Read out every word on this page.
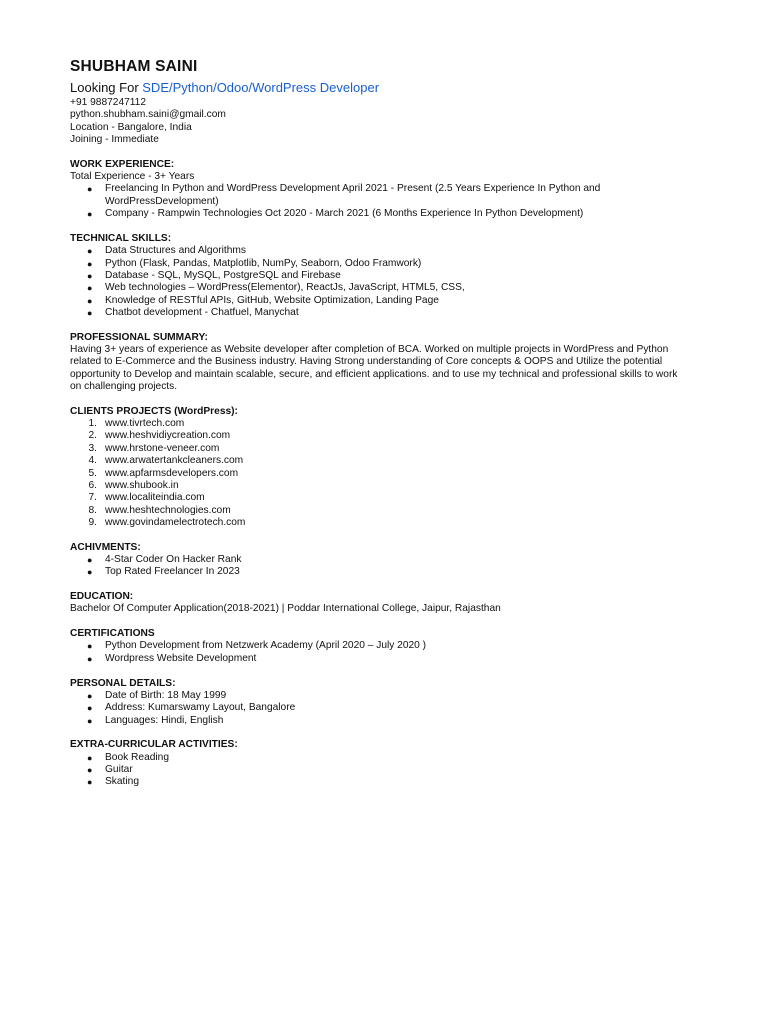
SHUBHAM SAINI

Looking For SDE/Python/Odoo/WordPress Developer

+91 9887247112

python.shubham.saini@gmail.com

Location - Bangalore, India

Joining - Immediate

WORK EXPERIENCE:

Total Experience - 3+ Years

● Freelancing In Python and WordPress Development April 2021 - Present (2.5 Years Experience In Python and WordPressDevelopment)
● Company - Rampwin Technologies Oct 2020 - March 2021 (6 Months Experience In Python Development)

TECHNICAL SKILLS:

● Data Structures and Algorithms
● Python (Flask, Pandas, Matplotlib, NumPy, Seaborn, Odoo Framwork)
● Database - SQL, MySQL, PostgreSQL and Firebase
● Web technologies – WordPress(Elementor), ReactJs, JavaScript, HTML5, CSS,
● Knowledge of RESTful APIs, GitHub, Website Optimization, Landing Page
● Chatbot development - Chatfuel, Manychat

PROFESSIONAL SUMMARY:

Having 3+ years of experience as Website developer after completion of BCA. Worked on multiple projects in WordPress and Python related to E-Commerce and the Business industry. Having Strong understanding of Core concepts & OOPS and Utilize the potential opportunity to Develop and maintain scalable, secure, and efficient applications. and to use my technical and professional skills to work on challenging projects.

CLIENTS PROJECTS (WordPress):

1. www.tivrtech.com
2. www.heshvidiycreation.com
3. www.hrstone-veneer.com
4. www.arwatertankcleaners.com
5. www.apfarmsdevelopers.com
6. www.shubook.in
7. www.localiteindia.com
8. www.heshtechnologies.com
9. www.govindamelectrotech.com

ACHIVMENTS:

● 4-Star Coder On Hacker Rank
● Top Rated Freelancer In 2023

EDUCATION:

Bachelor Of Computer Application(2018-2021) | Poddar International College, Jaipur, Rajasthan

CERTIFICATIONS

● Python Development from Netzwerk Academy (April 2020 – July 2020 )
● Wordpress Website Development

PERSONAL DETAILS:

● Date of Birth: 18 May 1999
● Address: Kumarswamy Layout, Bangalore
● Languages: Hindi, English

EXTRA-CURRICULAR ACTIVITIES:

● Book Reading
● Guitar
● Skating
